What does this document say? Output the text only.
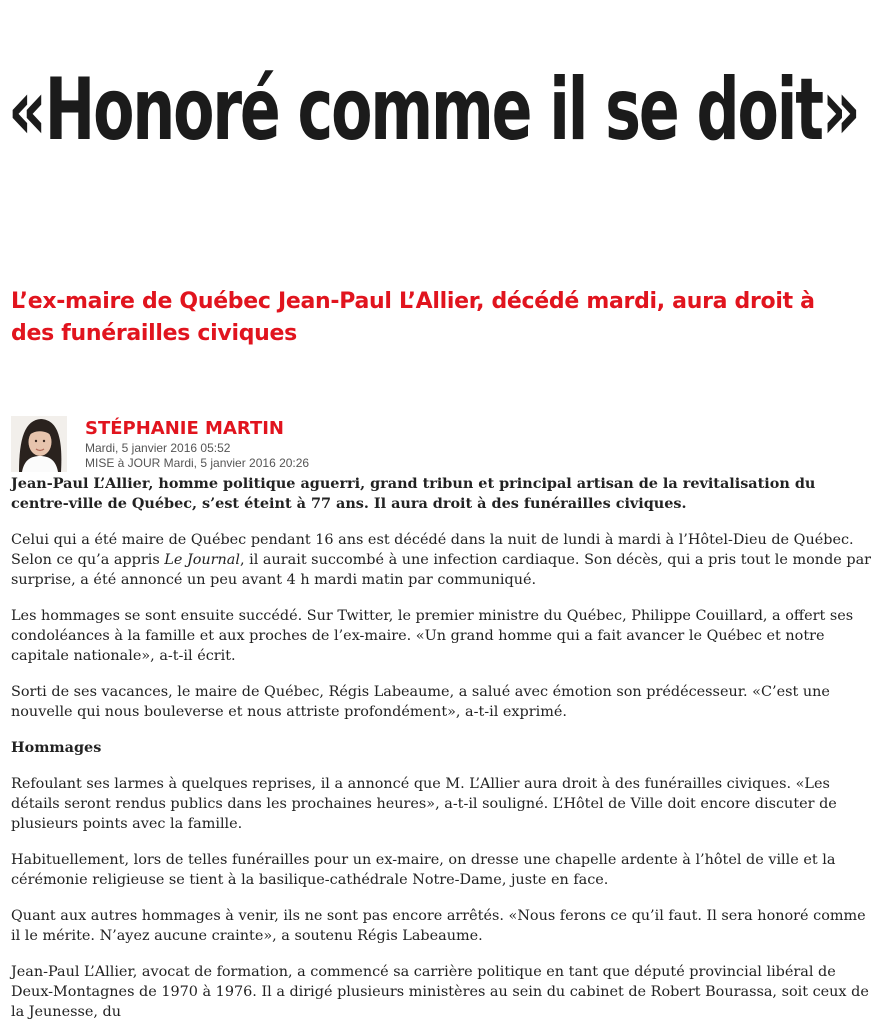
«Honoré comme il se doit»
L’ex-maire de Québec Jean-Paul L’Allier, décédé mardi, aura droit à des funérailles civiques
STÉPHANIE MARTIN
Mardi, 5 janvier 2016 05:52
MISE à JOUR Mardi, 5 janvier 2016 20:26

Jean-Paul L’Allier, homme politique aguerri, grand tribun et principal artisan de la revitalisation du centre-ville de Québec, s’est éteint à 77 ans. Il aura droit à des funérailles civiques.

Celui qui a été maire de Québec pendant 16 ans est décédé dans la nuit de lundi à mardi à l’Hôtel-Dieu de Québec. Selon ce qu’a appris Le Journal, il aurait succombé à une infection cardiaque. Son décès, qui a pris tout le monde par surprise, a été annoncé un peu avant 4 h mardi matin par communiqué.

Les hommages se sont ensuite succédé. Sur Twitter, le premier ministre du Québec, Philippe Couillard, a offert ses condoléances à la famille et aux proches de l’ex-maire. «Un grand homme qui a fait avancer le Québec et notre capitale nationale», a-t-il écrit.

Sorti de ses vacances, le maire de Québec, Régis Labeaume, a salué avec émotion son prédécesseur. «C’est une nouvelle qui nous bouleverse et nous attriste profondément», a-t-il exprimé.

Hommages

Refoulant ses larmes à quelques reprises, il a annoncé que M. L’Allier aura droit à des funérailles civiques. «Les détails seront rendus publics dans les prochaines heures», a-t-il souligné. L’Hôtel de Ville doit encore discuter de plusieurs points avec la famille.

Habituellement, lors de telles funérailles pour un ex-maire, on dresse une chapelle ardente à l’hôtel de ville et la cérémonie religieuse se tient à la basilique-cathédrale Notre-Dame, juste en face.

Quant aux autres hommages à venir, ils ne sont pas encore arrêtés. «Nous ferons ce qu’il faut. Il sera honoré comme il le mérite. N’ayez aucune crainte», a soutenu Régis Labeaume.

Jean-Paul L’Allier, avocat de formation, a commencé sa carrière politique en tant que député provincial libéral de Deux-Montagnes de 1970 à 1976. Il a dirigé plusieurs ministères au sein du cabinet de Robert Bourassa, soit ceux de la Jeunesse, du
